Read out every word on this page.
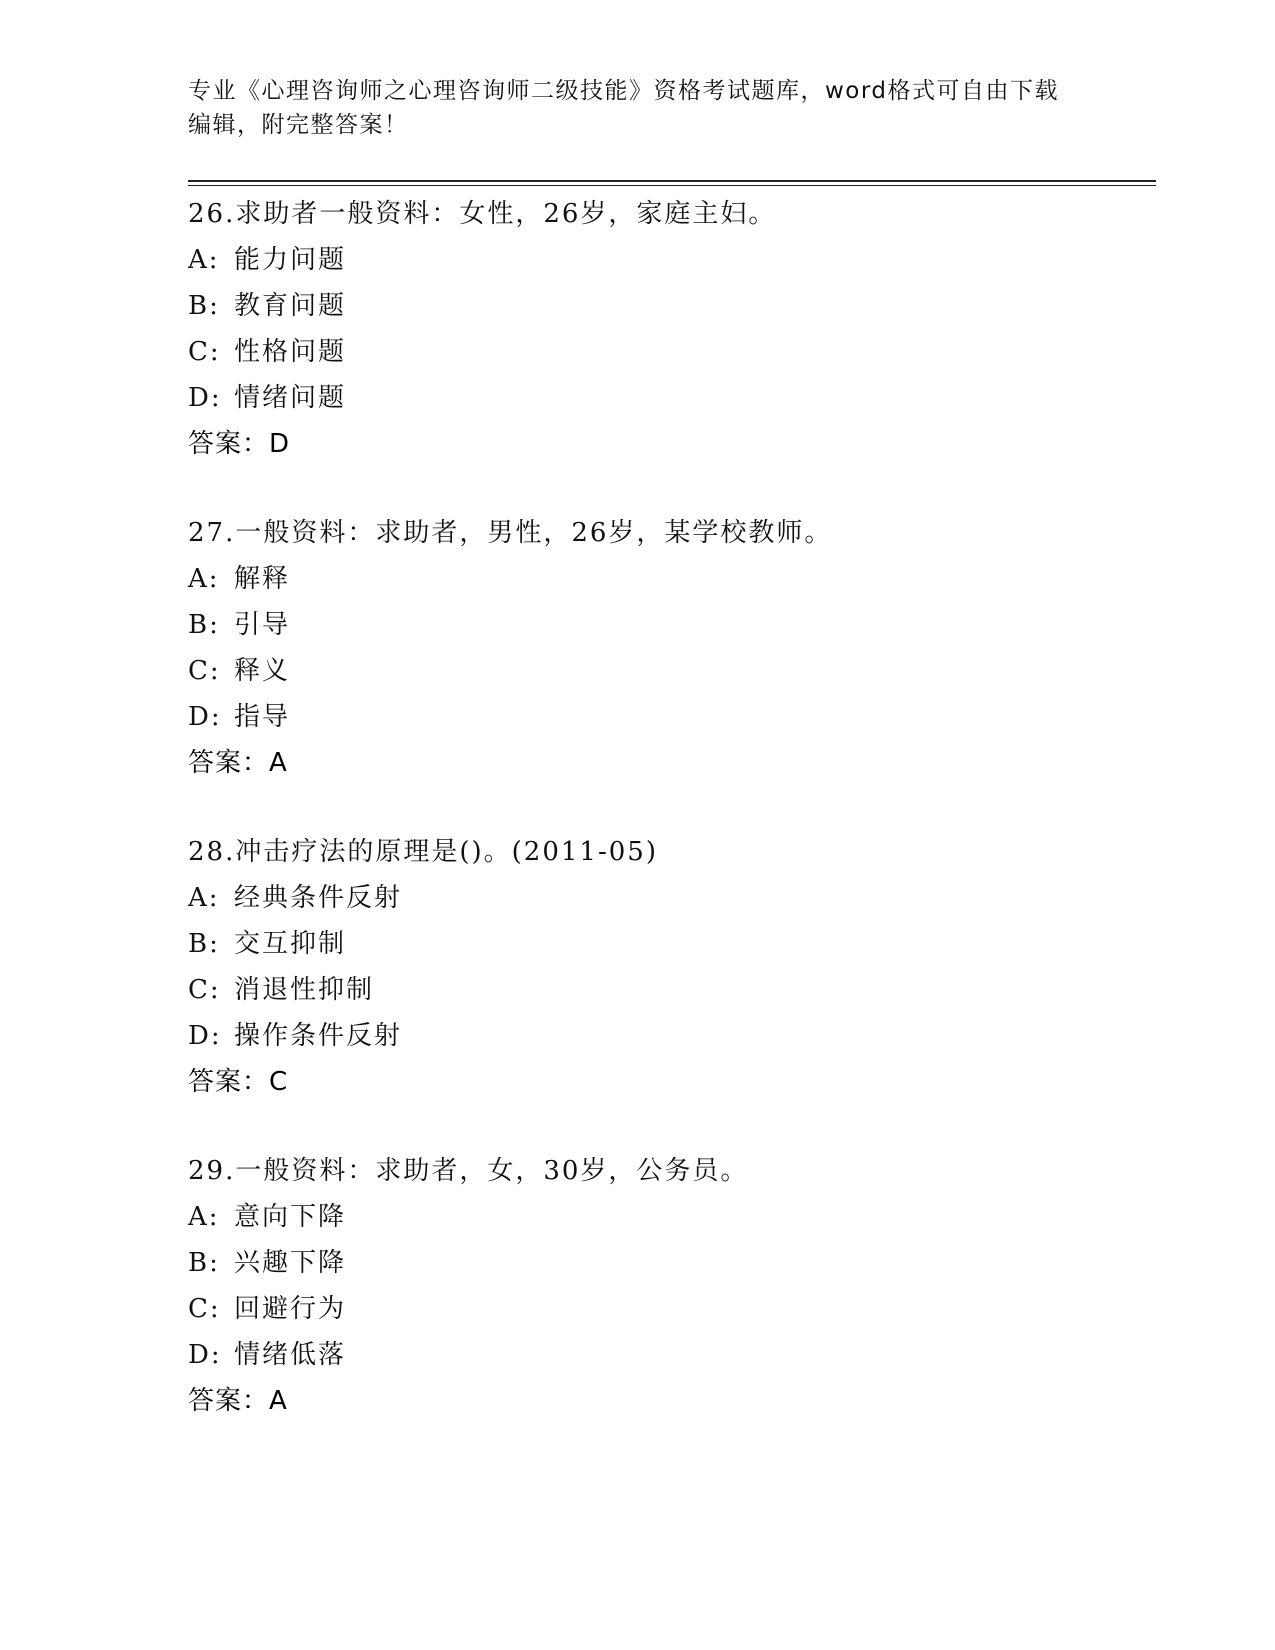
专业《心理咨询师之心理咨询师二级技能》资格考试题库，word格式可自由下载
编辑，附完整答案！
26.求助者一般资料：女性，26岁，家庭主妇。
A: 能力问题
B: 教育问题
C: 性格问题
D: 情绪问题
答案：D
27.一般资料：求助者，男性，26岁，某学校教师。
A: 解释
B: 引导
C: 释义
D: 指导
答案：A
28.冲击疗法的原理是()。(2011-05)
A: 经典条件反射
B: 交互抑制
C: 消退性抑制
D: 操作条件反射
答案：C
29.一般资料：求助者，女，30岁，公务员。
A: 意向下降
B: 兴趣下降
C: 回避行为
D: 情绪低落
答案：A
